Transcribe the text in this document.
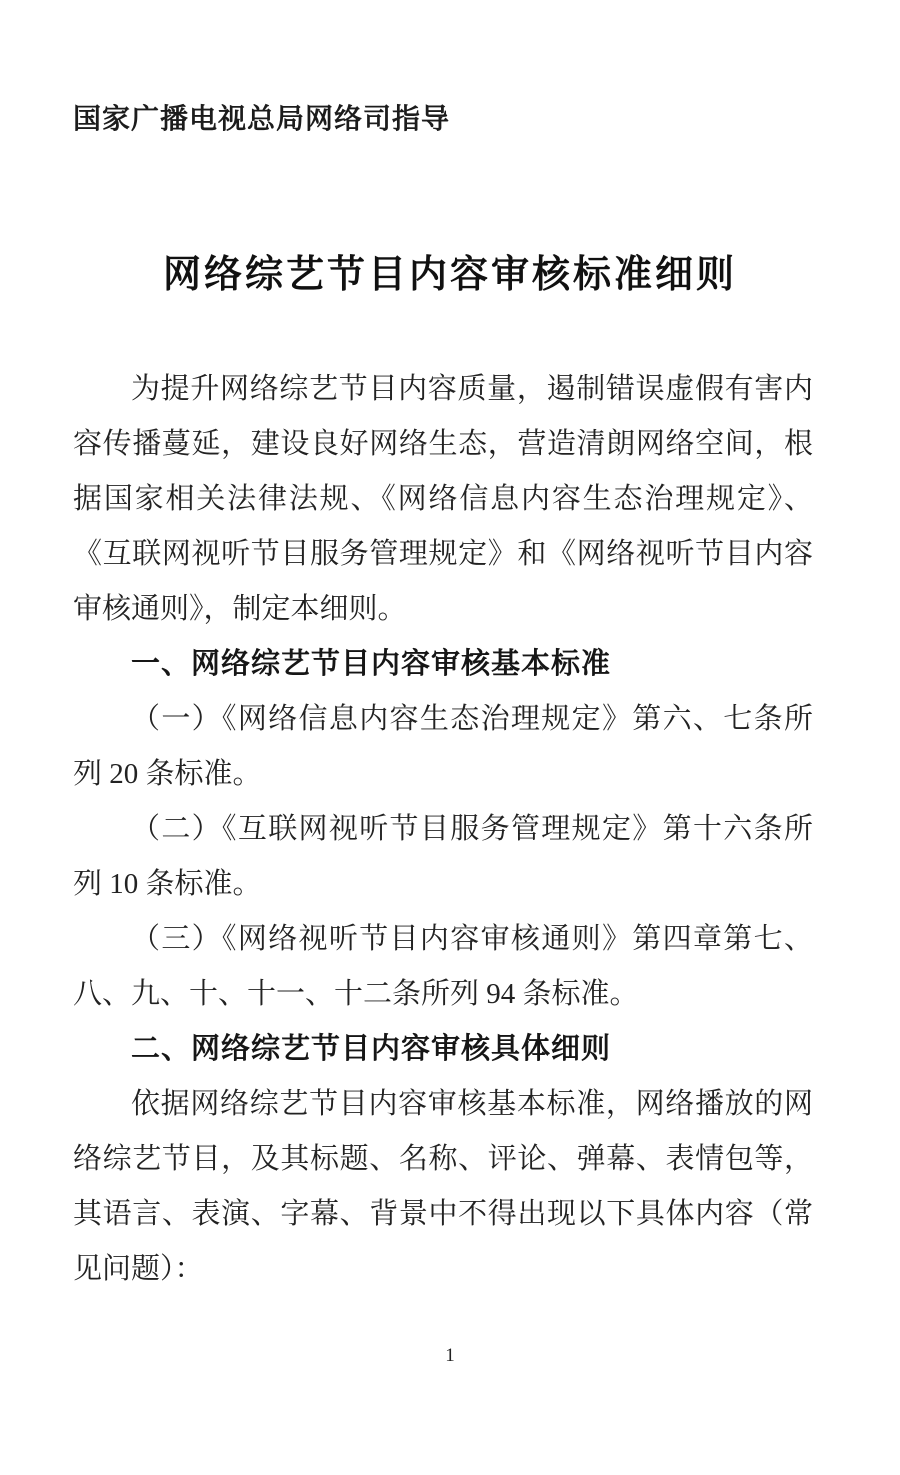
国家广播电视总局网络司指导
网络综艺节目内容审核标准细则
为提升网络综艺节目内容质量，遏制错误虚假有害内
容传播蔓延，建设良好网络生态，营造清朗网络空间，根
据国家相关法律法规、《网络信息内容生态治理规定》、
《互联网视听节目服务管理规定》和《网络视听节目内容
审核通则》，制定本细则。
一、网络综艺节目内容审核基本标准
（一）《网络信息内容生态治理规定》第六、七条所
列 20 条标准。
（二）《互联网视听节目服务管理规定》第十六条所
列 10 条标准。
（三）《网络视听节目内容审核通则》第四章第七、
八、九、十、十一、十二条所列 94 条标准。
二、网络综艺节目内容审核具体细则
依据网络综艺节目内容审核基本标准，网络播放的网
络综艺节目，及其标题、名称、评论、弹幕、表情包等，
其语言、表演、字幕、背景中不得出现以下具体内容（常
见问题）：
1
